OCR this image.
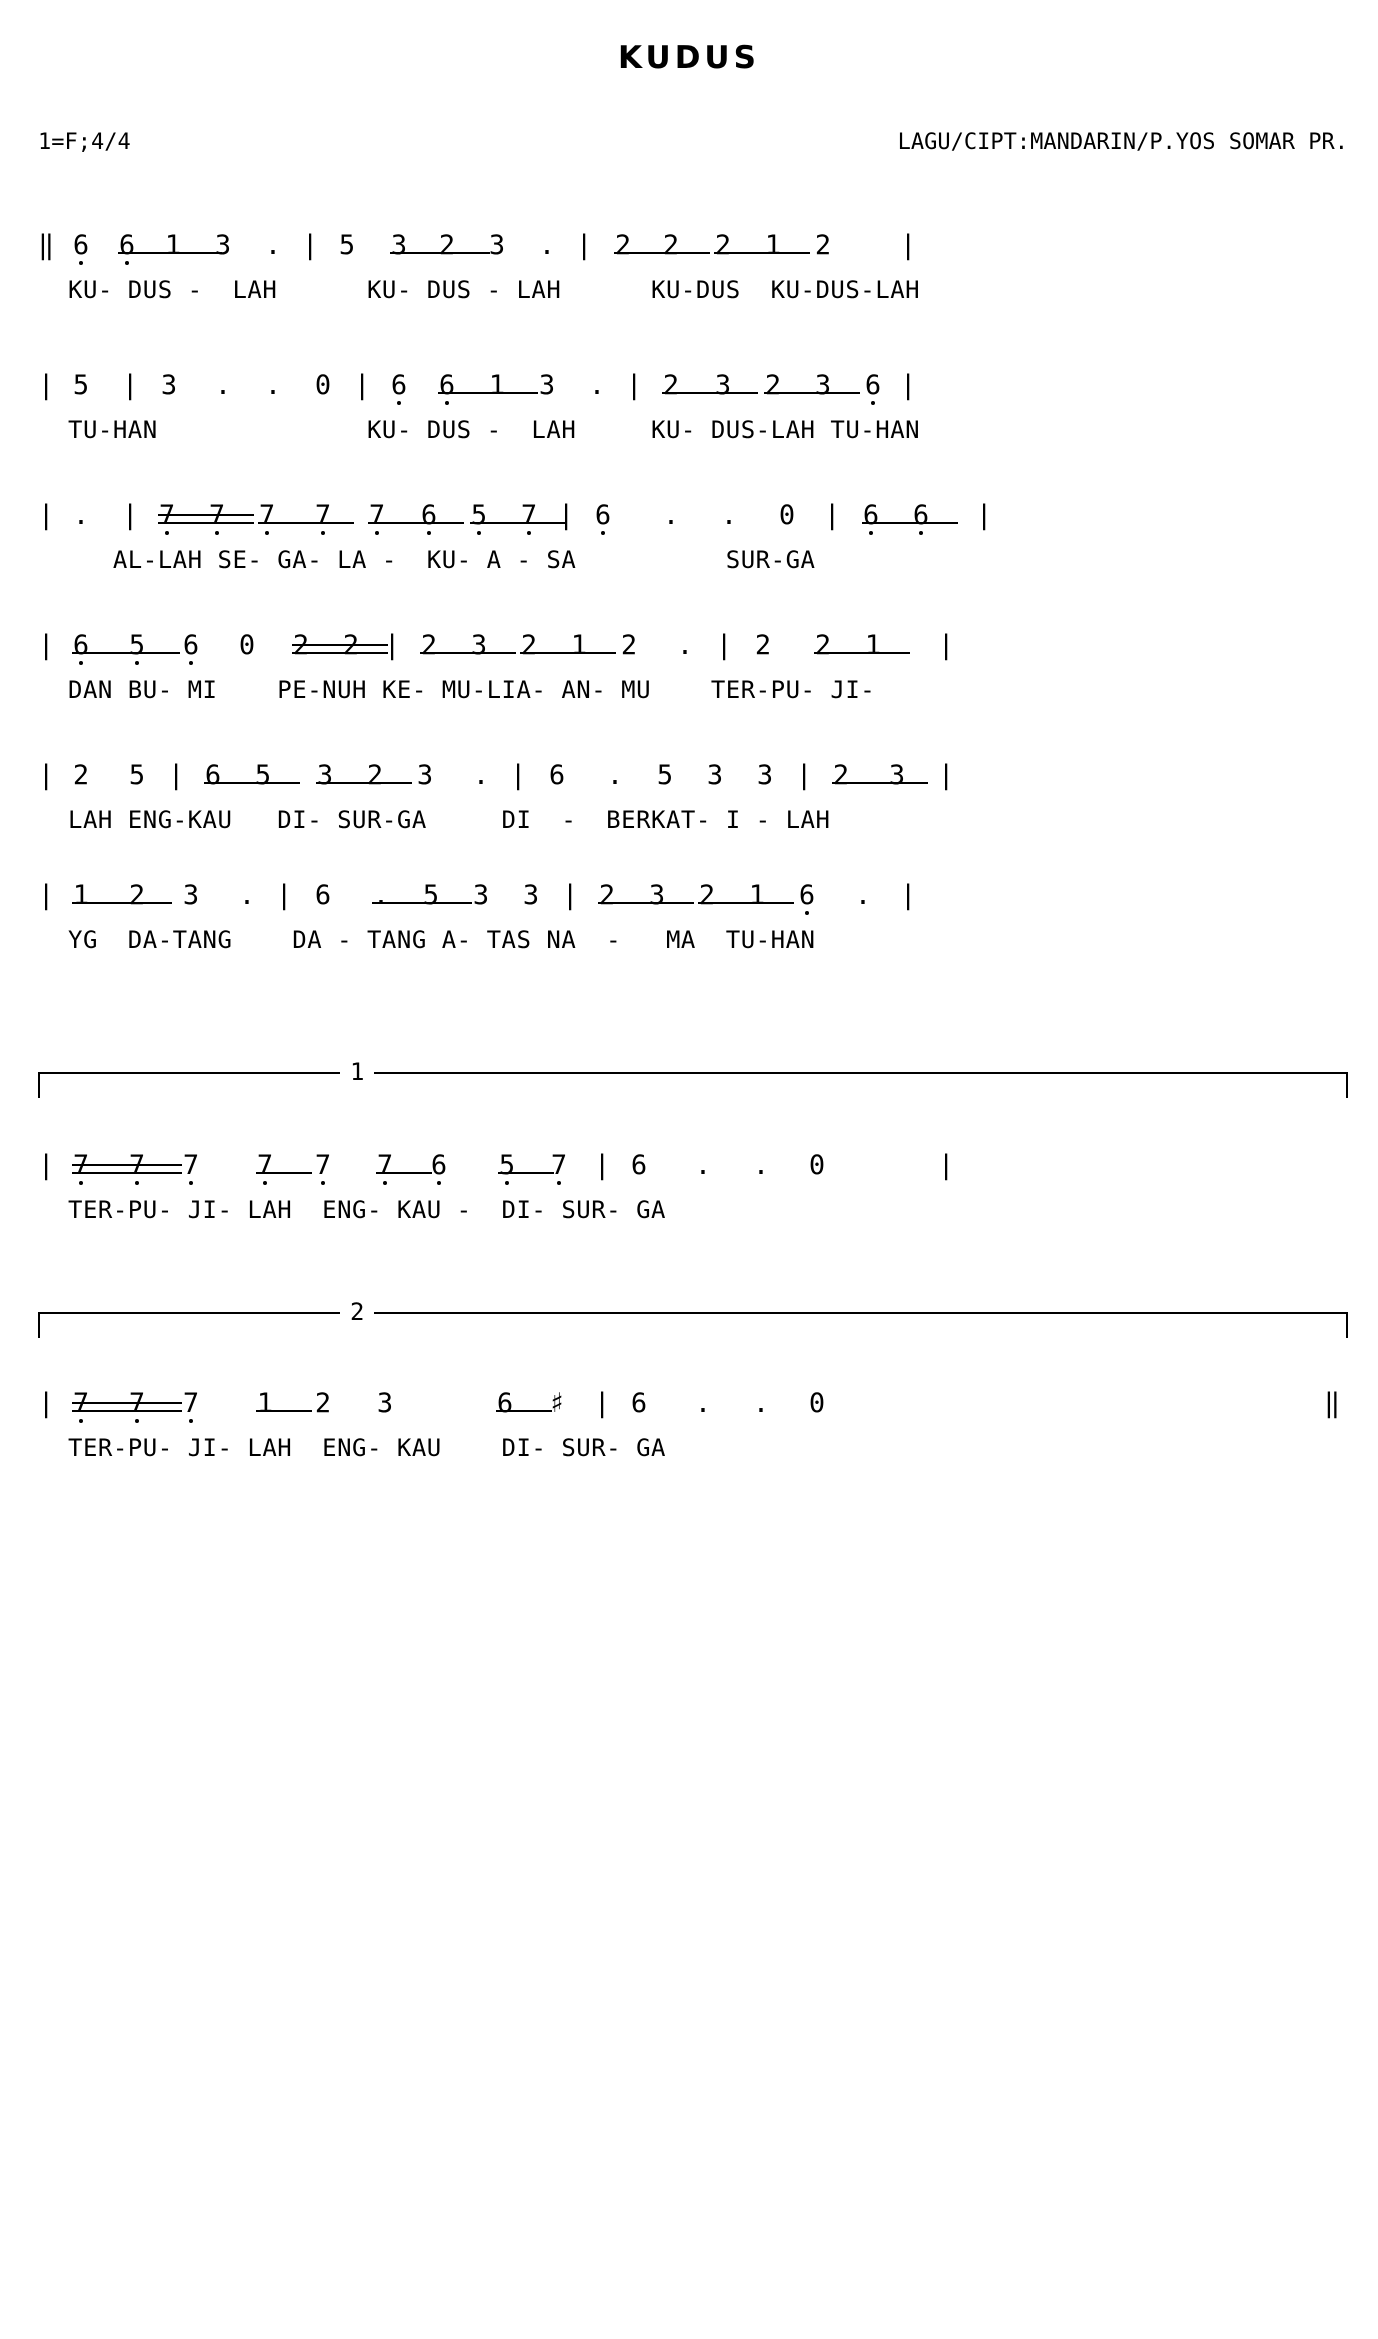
KUDUS
1=F;4/4	LAGU/CIPT:MANDARIN/P.YOS SOMAR PR.
‖ 6 6 1 3 . | 5 3 2 3 . | 2 2 2 1 2	|
KU- DUS -  LAH      KU- DUS - LAH      KU-DUS  KU-DUS-LAH
| 5 | 3 . . 0 | 6 6 1 3 . | 2 3 2 3 6 |
TU-HAN              KU- DUS -  LAH     KU- DUS-LAH TU-HAN
| . | 7 7 7 7 7 6 5 7 | 6 . . 0 | 6 6 |
AL-LAH SE- GA- LA -  KU- A - SA          SUR-GA
| 6 5 6 0 2 2 | 2 3 2 1 2 . | 2 2 1 |
DAN BU- MI    PE-NUH KE- MU-LIA- AN- MU    TER-PU- JI-
| 2 5 | 6 5 3 2 3 . | 6 . 5 3 3 | 2 3 |
LAH ENG-KAU   DI- SUR-GA     DI  -  BERKAT- I - LAH
| 1 2 3 . | 6 . 5 3 3 | 2 3 2 1 6 . |
YG  DA-TANG    DA - TANG A- TAS NA  -   MA  TU-HAN
1
| 7 7 7 7 7 7 6 5 7 | 6 . . 0	|
TER-PU- JI- LAH  ENG- KAU -  DI- SUR- GA
2
| 7 7 7 1 2 3	6 ♯ | 6 . . 0	‖
TER-PU- JI- LAH  ENG- KAU    DI- SUR- GA
